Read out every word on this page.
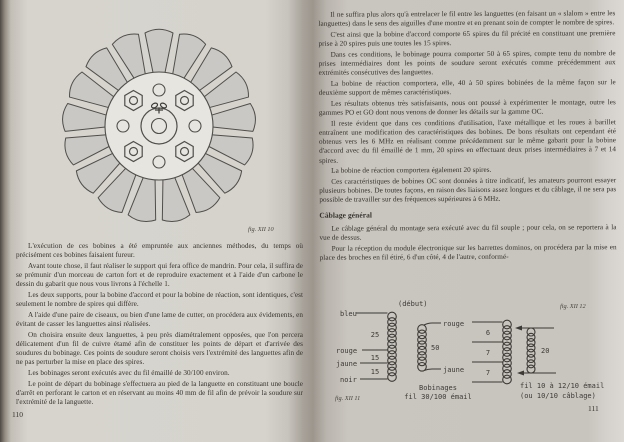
fig. XII 10

L'exécution de ces bobines a été empruntée aux anciennes méthodes, du temps où précisément ces bobines faisaient fureur.

Avant toute chose, il faut réaliser le support qui fera office de mandrin. Pour cela, il suffira de se prémunir d'un morceau de carton fort et de reproduire exactement et à l'aide d'un carbone le dessin du gabarit que nous vous livrons à l'échelle 1.

Les deux supports, pour la bobine d'accord et pour la bobine de réaction, sont identiques, c'est seulement le nombre de spires qui diffère.

A l'aide d'une paire de ciseaux, ou bien d'une lame de cutter, on procédera aux évidements, en évitant de casser les languettes ainsi réalisées.

On choisira ensuite deux languettes, à peu près diamétralement opposées, que l'on percera délicatement d'un fil de cuivre étamé afin de constituer les points de départ et d'arrivée des soudures du bobinage. Ces points de soudure seront choisis vers l'extrémité des languettes afin de ne pas perturber la mise en place des spires.

Les bobinages seront exécutés avec du fil émaillé de 30/100 environ.

Le point de départ du bobinage s'effectuera au pied de la languette en constituant une boucle d'arrêt en perforant le carton et en réservant au moins 40 mm de fil afin de prévoir la soudure sur l'extrémité de la languette.

110

Il ne suffira plus alors qu'à entrelacer le fil entre les languettes (en faisant un « slalom » entre les languettes) dans le sens des aiguilles d'une montre et en prenant soin de compter le nombre de spires.

C'est ainsi que la bobine d'accord comporte 65 spires du fil précité en constituant une première prise à 20 spires puis une toutes les 15 spires.

Dans ces conditions, le bobinage pourra comporter 50 à 65 spires, compte tenu du nombre de prises intermédiaires dont les points de soudure seront exécutés comme précédemment aux extrémités consécutives des languettes.

La bobine de réaction comportera, elle, 40 à 50 spires bobinées de la même façon sur le deuxième support de mêmes caractéristiques.

Les résultats obtenus très satisfaisants, nous ont poussé à expérimenter le montage, outre les gammes PO et GO dont nous venons de donner les détails sur la gamme OC.

Il reste évident que dans ces conditions d'utilisation, l'axe métallique et les roues à barillet entraînent une modification des caractéristiques des bobines. De bons résultats ont cependant été obtenus vers les 6 MHz en réalisant comme précédemment sur le même gabarit pour la bobine d'accord avec du fil émaillé de 1 mm, 20 spires en effectuant deux prises intermédiaires à 7 et 14 spires.

La bobine de réaction comportera également 20 spires.

Ces caractéristiques de bobines OC sont données à titre indicatif, les amateurs pourront essayer plusieurs bobines. De toutes façons, en raison des liaisons assez longues et du câblage, il ne sera pas possible de travailler sur des fréquences supérieures à 6 MHz.

Câblage général

Le câblage général du montage sera exécuté avec du fil souple ; pour cela, on se reportera à la vue de dessus.

Pour la réception du module électronique sur les barrettes dominos, on procédera par la mise en place des broches en fil étiré, 6 d'un côté, 4 de l'autre, conformé-

(début)	fig. XII 12
bleu
25
rouge
15
jaune
15
noir
fig. XII 11
rouge
50
jaune
Bobinages
fil 30/100 émail
6
7
7
20
fil 10 à 12/10 émail
(ou 10/10 câblage)
111
